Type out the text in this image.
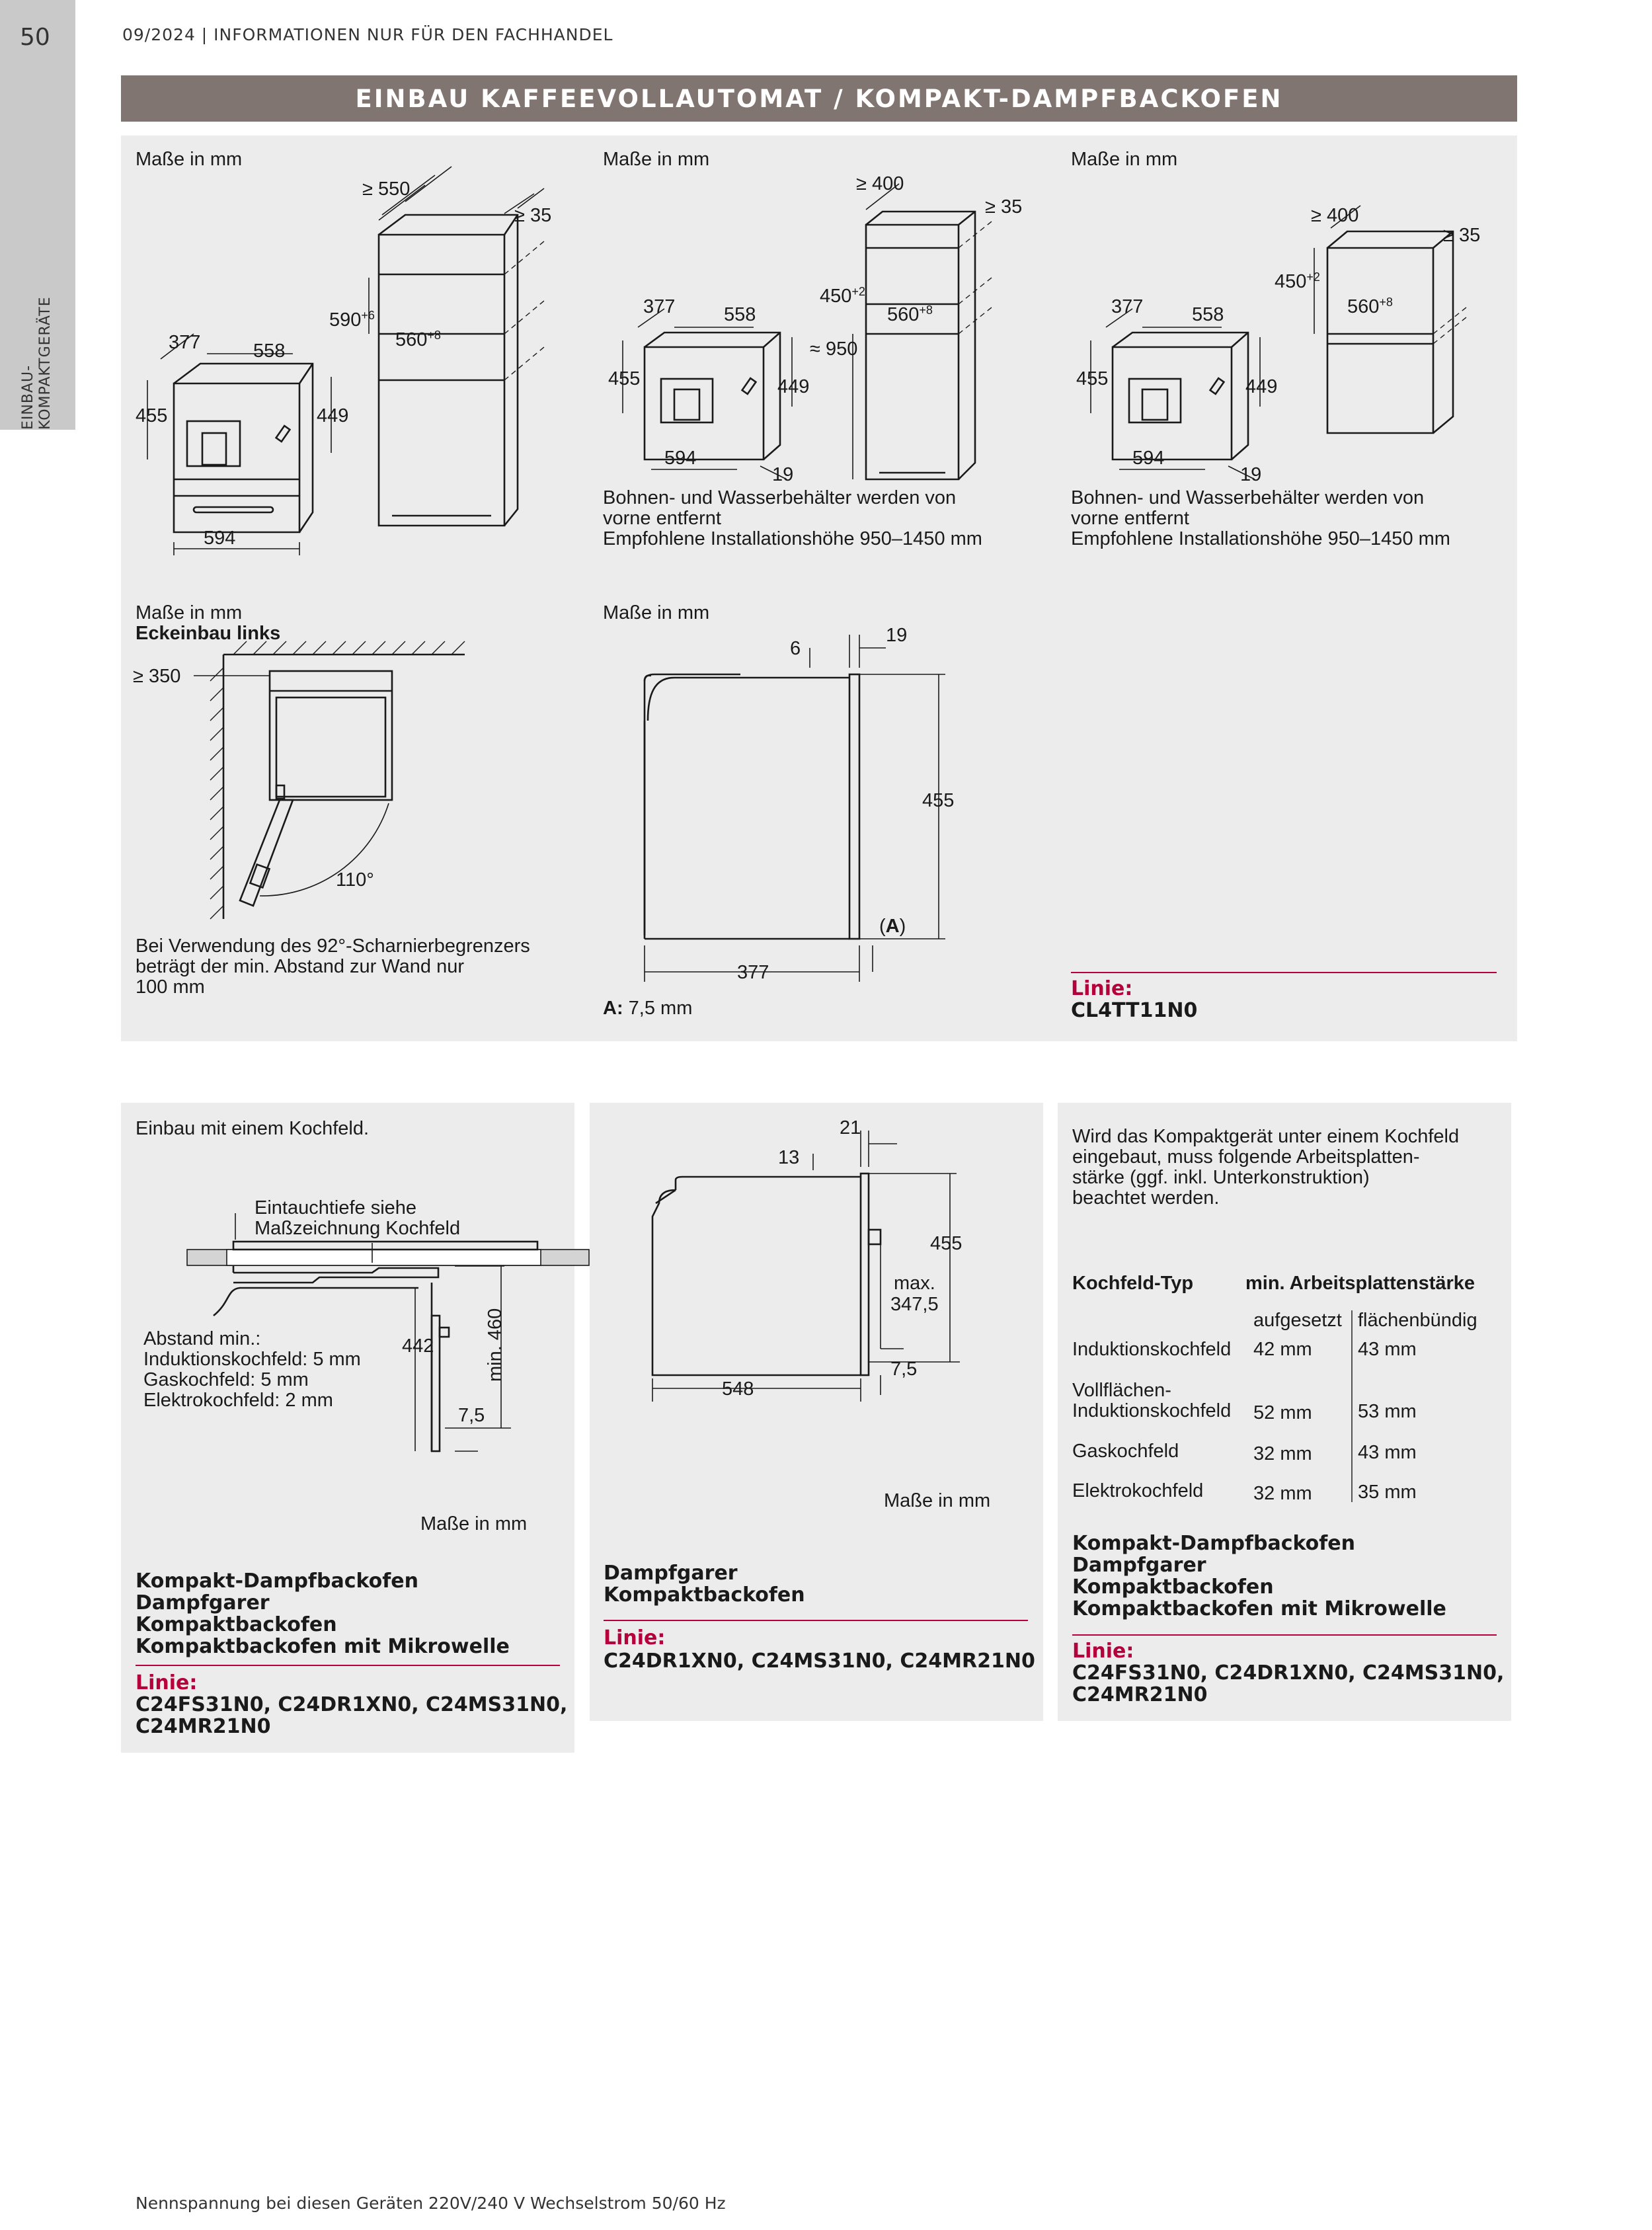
50
EINBAU- KOMPAKTGERÄTE
09/2024 | INFORMATIONEN NUR FÜR DEN FACHHANDEL
EINBAU KAFFEEVOLLAUTOMAT / KOMPAKT-DAMPFBACKOFEN
Maße in mm
≥ 550
≥ 35
$590^{+6}$
$560^{+8}$
455	449
377	558
594
Maße in mm
≥ 400
≥ 35
$450^{+2}$
$560^{+8}$
≈ 950
455	449
377	558
594
19
Bohnen- und Wasserbehälter werden von
vorne entfernt
Empfohlene Installationshöhe 950–1450 mm
Maße in mm
≥ 400
≥ 35
$450^{+2}$
$560^{+8}$
455	449
377	558
594
19
Bohnen- und Wasserbehälter werden von
vorne entfernt
Empfohlene Installationshöhe 950–1450 mm
Maße in mm
Eckeinbau links
≥ 350
110°
Bei Verwendung des 92°-Scharnierbegrenzers
beträgt der min. Abstand zur Wand nur
100 mm
Maße in mm
455
6
19
(A)
377
A: 7,5 mm
Linie:
CL4TT11N0
Einbau mit einem Kochfeld.
442	min. 460
7,5
Eintauchtiefe siehe
Maßzeichnung Kochfeld
Abstand min.:
Induktionskochfeld: 5 mm
Gaskochfeld: 5 mm
Elektrokochfeld: 2 mm
Maße in mm
Kompakt-Dampfbackofen
Dampfgarer
Kompaktbackofen
Kompaktbackofen mit Mikrowelle
Linie:
C24FS31N0, C24DR1XN0, C24MS31N0,
C24MR21N0
455
max.
347,5
13
21
7,5
548
Maße in mm
Dampfgarer
Kompaktbackofen
Linie:
C24DR1XN0, C24MS31N0, C24MR21N0
Wird das Kompaktgerät unter einem Kochfeld
eingebaut, muss folgende Arbeitsplatten-
stärke (ggf. inkl. Unterkonstruktion)
beachtet werden.
Kochfeld-Typ	min. Arbeitsplattenstärke
aufgesetzt flächenbündig
Induktionskochfeld 42 mm 43 mm
Vollflächen-
Induktionskochfeld 52 mm 53 mm
Gaskochfeld	32 mm 43 mm
Elektrokochfeld	32 mm 35 mm
Kompakt-Dampfbackofen
Dampfgarer
Kompaktbackofen
Kompaktbackofen mit Mikrowelle
Linie:
C24FS31N0, C24DR1XN0, C24MS31N0,
C24MR21N0
Nennspannung bei diesen Geräten 220V/240 V Wechselstrom 50/60 Hz
